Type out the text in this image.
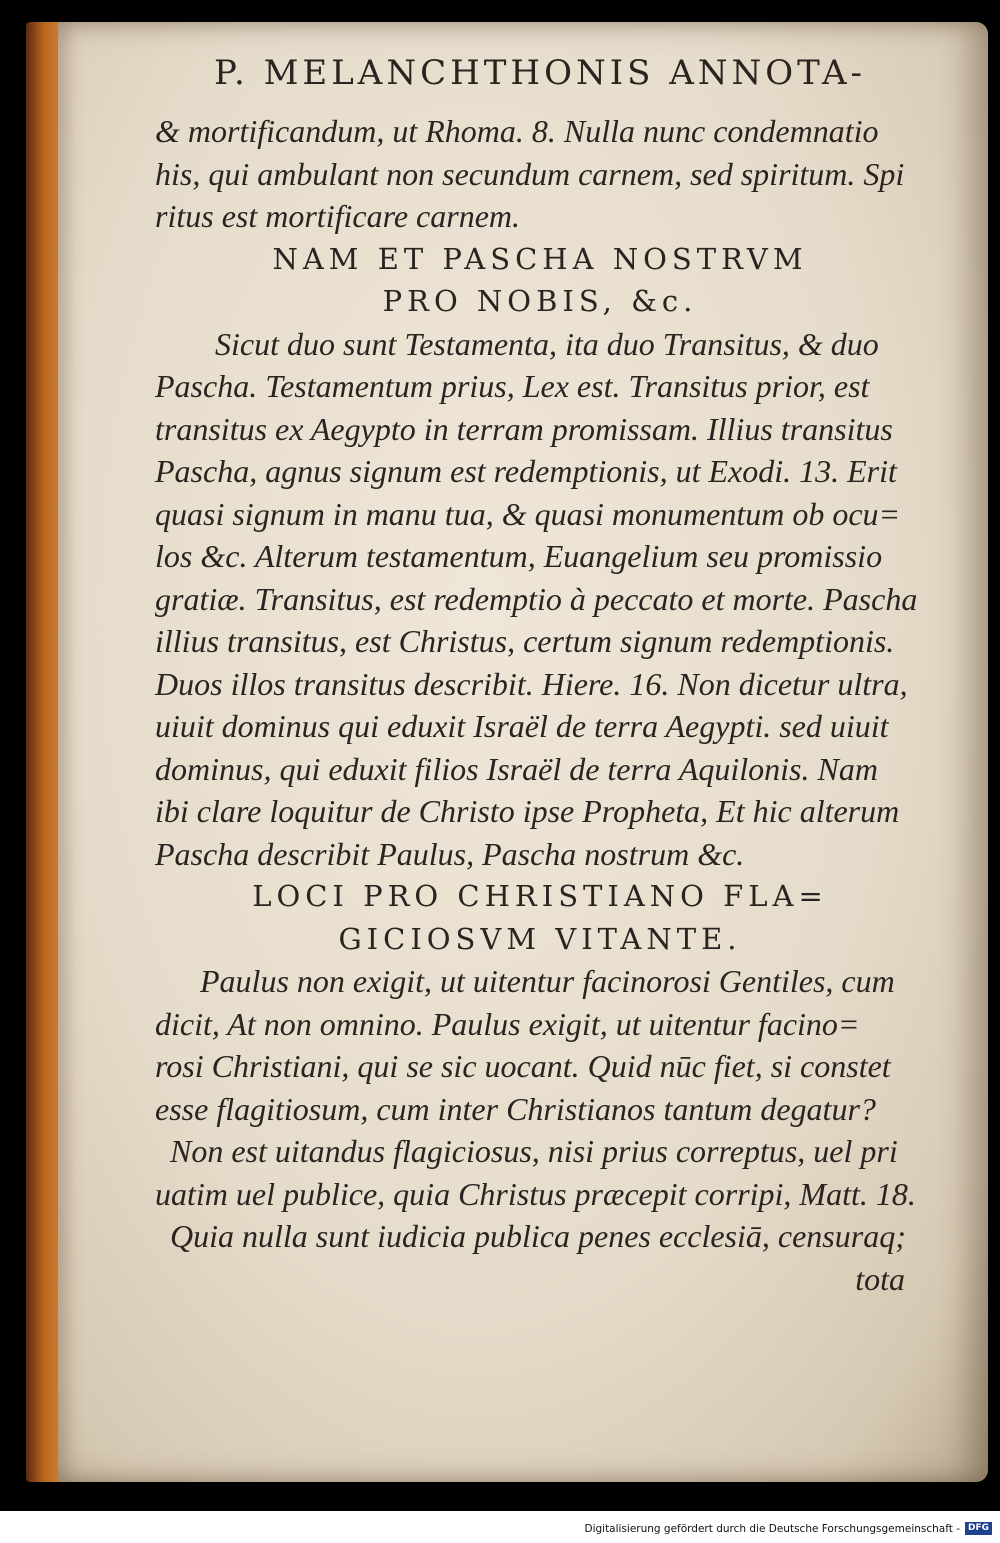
P. MELANCHTHONIS ANNOTA-
& mortificandum, ut Rhoma. 8. Nulla nunc condemnatio
his, qui ambulant non secundum carnem, sed spiritum. Spi
ritus est mortificare carnem.
NAM ET PASCHA NOSTRVM
PRO NOBIS, &c.
Sicut duo sunt Testamenta, ita duo Transitus, & duo
Pascha. Testamentum prius, Lex est. Transitus prior, est
transitus ex Aegypto in terram promissam. Illius transitus
Pascha, agnus signum est redemptionis, ut Exodi. 13. Erit
quasi signum in manu tua, & quasi monumentum ob ocu=
los &c. Alterum testamentum, Euangelium seu promissio
gratiæ. Transitus, est redemptio à peccato et morte. Pascha
illius transitus, est Christus, certum signum redemptionis.
Duos illos transitus describit. Hiere. 16. Non dicetur ultra,
uiuit dominus qui eduxit Israël de terra Aegypti. sed uiuit
dominus, qui eduxit filios Israël de terra Aquilonis. Nam
ibi clare loquitur de Christo ipse Propheta, Et hic alterum
Pascha describit Paulus, Pascha nostrum &c.
LOCI PRO CHRISTIANO FLA=
GICIOSVM VITANTE.
Paulus non exigit, ut uitentur facinorosi Gentiles, cum
dicit, At non omnino. Paulus exigit, ut uitentur facino=
rosi Christiani, qui se sic uocant. Quid nūc fiet, si constet
esse flagitiosum, cum inter Christianos tantum degatur?
Non est uitandus flagiciosus, nisi prius correptus, uel pri
uatim uel publice, quia Christus præcepit corripi, Matt. 18.
Quia nulla sunt iudicia publica penes ecclesiā, censuraq;
tota
Digitalisierung gefördert durch die Deutsche Forschungsgemeinschaft - DFG
